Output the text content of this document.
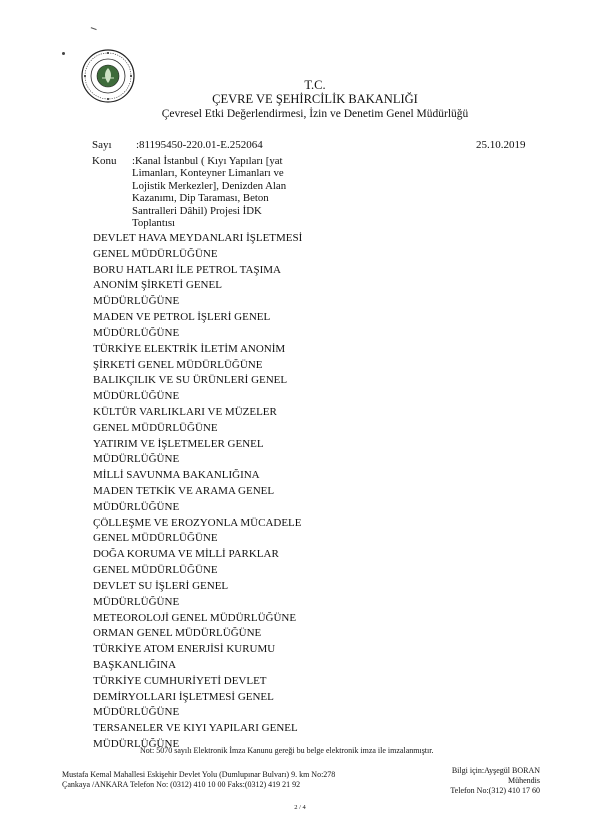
T.C.
ÇEVRE VE ŞEHİRCİLİK BAKANLIĞI
Çevresel Etki Değerlendirmesi, İzin ve Denetim Genel Müdürlüğü
Sayı :81195450-220.01-E.252064	25.10.2019
Konu :Kanal İstanbul ( Kıyı Yapıları [yat Limanları, Konteyner Limanları ve Lojistik Merkezler], Denizden Alan Kazanımı, Dip Taraması, Beton Santralleri Dâhil) Projesi İDK Toplantısı
DEVLET HAVA MEYDANLARI İŞLETMESİ
GENEL MÜDÜRLÜĞÜNE
BORU HATLARI İLE PETROL TAŞIMA
ANONİM ŞİRKETİ GENEL
MÜDÜRLÜĞÜNE
MADEN VE PETROL İŞLERİ GENEL
MÜDÜRLÜĞÜNE
TÜRKİYE ELEKTRİK İLETİM ANONİM
ŞİRKETİ GENEL MÜDÜRLÜĞÜNE
BALIKÇILIK VE SU ÜRÜNLERİ GENEL
MÜDÜRLÜĞÜNE
KÜLTÜR VARLIKLARI VE MÜZELER
GENEL MÜDÜRLÜĞÜNE
YATIRIM VE İŞLETMELER GENEL
MÜDÜRLÜĞÜNE
MİLLİ SAVUNMA BAKANLIĞINA
MADEN TETKİK VE ARAMA GENEL
MÜDÜRLÜĞÜNE
ÇÖLLEŞME VE EROZYONLA MÜCADELE
GENEL MÜDÜRLÜĞÜNE
DOĞA KORUMA VE MİLLİ PARKLAR
GENEL MÜDÜRLÜĞÜNE
DEVLET SU İŞLERİ GENEL
MÜDÜRLÜĞÜNE
METEOROLOJİ GENEL MÜDÜRLÜĞÜNE
ORMAN GENEL MÜDÜRLÜĞÜNE
TÜRKİYE ATOM ENERJİSİ KURUMU
BAŞKANLIĞINA
TÜRKİYE CUMHURİYETİ DEVLET
DEMİRYOLLARI İŞLETMESİ GENEL
MÜDÜRLÜĞÜNE
TERSANELER VE KIYI YAPILARI GENEL
MÜDÜRLÜĞÜNE
Not: 5070 sayılı Elektronik İmza Kanunu gereği bu belge elektronik imza ile imzalanmıştır.
Mustafa Kemal Mahallesi Eskişehir Devlet Yolu (Dumlupınar Bulvarı) 9. km No:278
Çankaya /ANKARA Telefon No: (0312) 410 10 00 Faks:(0312) 419 21 92
Bilgi için:Ayşegül BORAN
Mühendis
Telefon No:(312) 410 17 60
2 / 4
